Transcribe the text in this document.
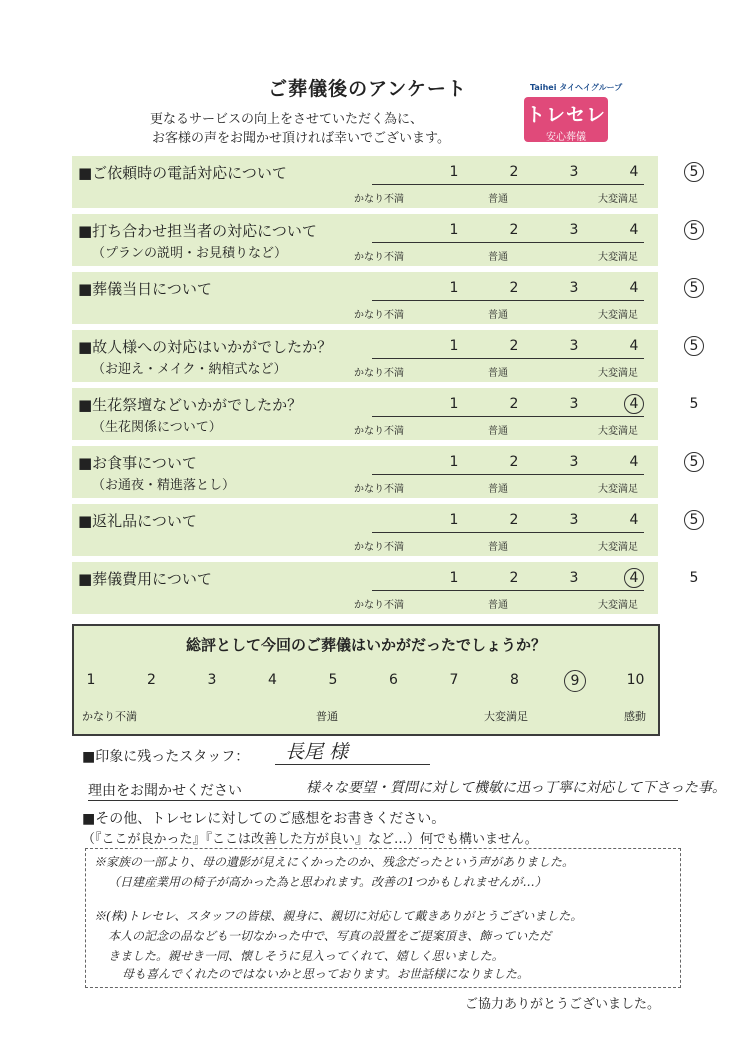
ご葬儀後のアンケート
更なるサービスの向上をさせていただく為に、
お客様の声をお聞かせ頂ければ幸いでございます。
Taihei タイヘイグループ
トレセレ
安心葬儀
■ご依頼時の電話対応について	1	2	3	4	5
かなり不満	普通	大変満足
■打ち合わせ担当者の対応について
（プランの説明・お見積りなど）
1	2	3	4	5
かなり不満	普通	大変満足
■葬儀当日について	1	2	3	4	5
かなり不満	普通	大変満足
■故人様への対応はいかがでしたか？
（お迎え・メイク・納棺式など）
1	2	3	4	5
かなり不満	普通	大変満足
■生花祭壇などいかがでしたか？
（生花関係について）
1	2	3	4	5
かなり不満	普通	大変満足
■お食事について
（お通夜・精進落とし）
1	2	3	4	5
かなり不満	普通	大変満足
■返礼品について	1	2	3	4	5
かなり不満	普通	大変満足
■葬儀費用について	1	2	3	4	5
かなり不満	普通	大変満足
総評として今回のご葬儀はいかがだったでしょうか？
1	2	3	4	5	6	7	8	9	10
かなり不満	普通	大変満足	感動
■印象に残ったスタッフ： 長尾 様
理由をお聞かせください	様々な要望・質問に対して機敏に迅っ丁寧に対応して下さった事。
■その他、トレセレに対してのご感想をお書きください。
（『ここが良かった』『ここは改善した方が良い』など…）何でも構いません。
※家族の一部より、母の遺影が見えにくかったのか、残念だったという声がありました。
（日建産業用の椅子が高かった為と思われます。改善の1つかもしれませんが…）
※(株)トレセレ、スタッフの皆様、親身に、親切に対応して戴きありがとうございました。
本人の記念の品なども一切なかった中で、写真の設置をご提案頂き、飾っていただ
きました。親せき一同、懐しそうに見入ってくれて、嬉しく思いました。
母も喜んでくれたのではないかと思っております。お世話様になりました。
ご協力ありがとうございました。
